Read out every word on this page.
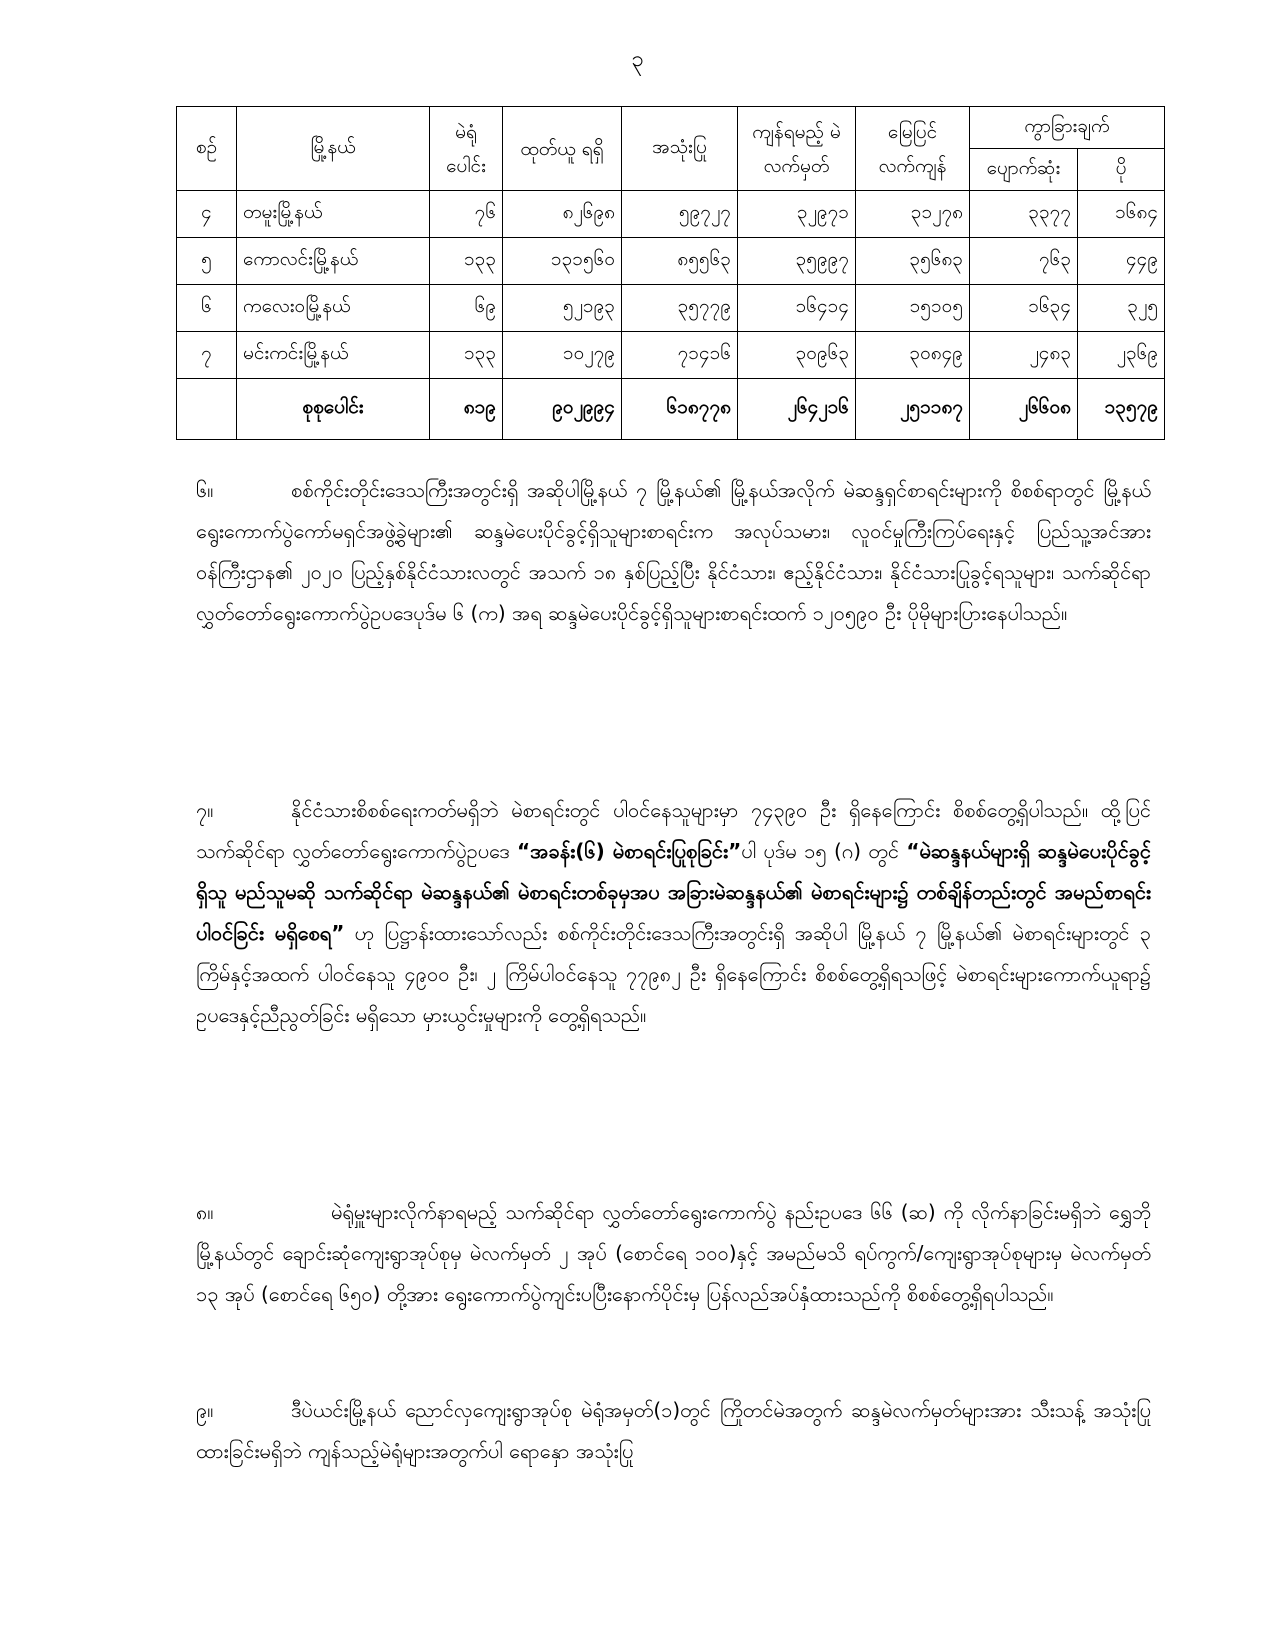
၃
စဉ်	မြို့နယ်	မဲရုံ ပေါင်း	ထုတ်ယူ ရရှိ	အသုံးပြု	ကျန်ရမည့် မဲလက်မှတ်	မြေပြင် လက်ကျန်	ကွာခြားချက်	
							ပျောက်ဆုံး	ပို
၄	တမူးမြို့နယ်	၇၆	၈၂၆၉၈	၅၉၇၂၇	၃၂၉၇၁	၃၁၂၇၈	၃၃၇၇	၁၆၈၄
၅	ကောလင်းမြို့နယ်	၁၃၃	၁၃၁၅၆၀	၈၅၅၆၃	၃၅၉၉၇	၃၅၆၈၃	၇၆၃	၄၄၉
၆	ကလေးဝမြို့နယ်	၆၉	၅၂၁၉၃	၃၅၇၇၉	၁၆၄၁၄	၁၅၁၀၅	၁၆၃၄	၃၂၅
၇	မင်းကင်းမြို့နယ်	၁၃၃	၁၀၂၇၉	၇၁၄၁၆	၃၀၉၆၃	၃၀၈၄၉	၂၄၈၃	၂၃၆၉
	စုစုပေါင်း	၈၁၉	၉၀၂၉၉၄	၆၁၈၇၇၈	၂၆၄၂၁၆	၂၅၁၁၈၇	၂၆၆၀၈	၁၃၅၇၉

၆။	စစ်ကိုင်းတိုင်းဒေသကြီးအတွင်းရှိ အဆိုပါမြို့နယ် ၇ မြို့နယ်၏ မြို့နယ်အလိုက် မဲဆန္ဒရှင်စာရင်းများကို စိစစ်ရာတွင် မြို့နယ်ရွေးကောက်ပွဲကော်မရှင်အဖွဲ့ခွဲများ၏ ဆန္ဒမဲပေးပိုင်ခွင့်ရှိသူများစာရင်းက အလုပ်သမား၊ လူဝင်မှုကြီးကြပ်ရေးနှင့် ပြည်သူ့အင်အားဝန်ကြီးဌာန၏ ၂၀၂၀ ပြည့်နှစ်နိုင်ငံသားလတွင် အသက် ၁၈ နှစ်ပြည့်ပြီး နိုင်ငံသား၊ ဧည့်နိုင်ငံသား၊ နိုင်ငံသားပြုခွင့်ရသူများ၊ သက်ဆိုင်ရာ လွှတ်တော်ရွေးကောက်ပွဲဥပဒေပုဒ်မ ၆ (က) အရ ဆန္ဒမဲပေးပိုင်ခွင့်ရှိသူများစာရင်းထက် ၁၂၀၅၉၀ ဦး ပိုမိုများပြားနေပါသည်။

၇။	နိုင်ငံသားစိစစ်ရေးကတ်မရှိဘဲ မဲစာရင်းတွင် ပါဝင်နေသူများမှာ ၇၄၃၉၀ ဦး ရှိနေကြောင်း စိစစ်တွေ့ရှိပါသည်။ ထို့ပြင် သက်ဆိုင်ရာ လွှတ်တော်ရွေးကောက်ပွဲဥပဒေ “အခန်း(၆) မဲစာရင်းပြုစုခြင်း”ပါ ပုဒ်မ ၁၅ (ဂ) တွင် “မဲဆန္ဒနယ်များရှိ ဆန္ဒမဲပေးပိုင်ခွင့်ရှိသူ မည်သူမဆို သက်ဆိုင်ရာ မဲဆန္ဒနယ်၏ မဲစာရင်းတစ်ခုမှအပ အခြားမဲဆန္ဒနယ်၏ မဲစာရင်းများ၌ တစ်ချိန်တည်းတွင် အမည်စာရင်း ပါဝင်ခြင်း မရှိစေရ” ဟု ပြဋ္ဌာန်းထားသော်လည်း စစ်ကိုင်းတိုင်းဒေသကြီးအတွင်းရှိ အဆိုပါ မြို့နယ် ၇ မြို့နယ်၏ မဲစာရင်းများတွင် ၃ ကြိမ်နှင့်အထက် ပါဝင်နေသူ ၄၉၀၀ ဦး၊ ၂ ကြိမ်ပါဝင်နေသူ ၇၇၉၈၂ ဦး ရှိနေကြောင်း စိစစ်တွေ့ရှိရသဖြင့် မဲစာရင်းများကောက်ယူရာ၌ ဥပဒေနှင့်ညီညွတ်ခြင်း မရှိသော မှားယွင်းမှုများကို တွေ့ရှိရသည်။

၈။	မဲရုံမှူးများလိုက်နာရမည့် သက်ဆိုင်ရာ လွှတ်တော်ရွေးကောက်ပွဲ နည်းဥပဒေ ၆၆ (ဆ) ကို လိုက်နာခြင်းမရှိဘဲ ရွှေဘိုမြို့နယ်တွင် ချောင်းဆုံကျေးရွာအုပ်စုမှ မဲလက်မှတ် ၂ အုပ် (စောင်ရေ ၁၀၀)နှင့် အမည်မသိ ရပ်ကွက်/ကျေးရွာအုပ်စုများမှ မဲလက်မှတ် ၁၃ အုပ် (စောင်ရေ ၆၅၀) တို့အား ရွေးကောက်ပွဲကျင်းပပြီးနောက်ပိုင်းမှ ပြန်လည်အပ်နှံထားသည်ကို စိစစ်တွေ့ရှိရပါသည်။

၉။	ဒီပဲယင်းမြို့နယ် ညောင်လှကျေးရွာအုပ်စု မဲရုံအမှတ်(၁)တွင် ကြိုတင်မဲအတွက် ဆန္ဒမဲလက်မှတ်များအား သီးသန့် အသုံးပြုထားခြင်းမရှိဘဲ ကျန်သည့်မဲရုံများအတွက်ပါ ရောနှော အသုံးပြု
